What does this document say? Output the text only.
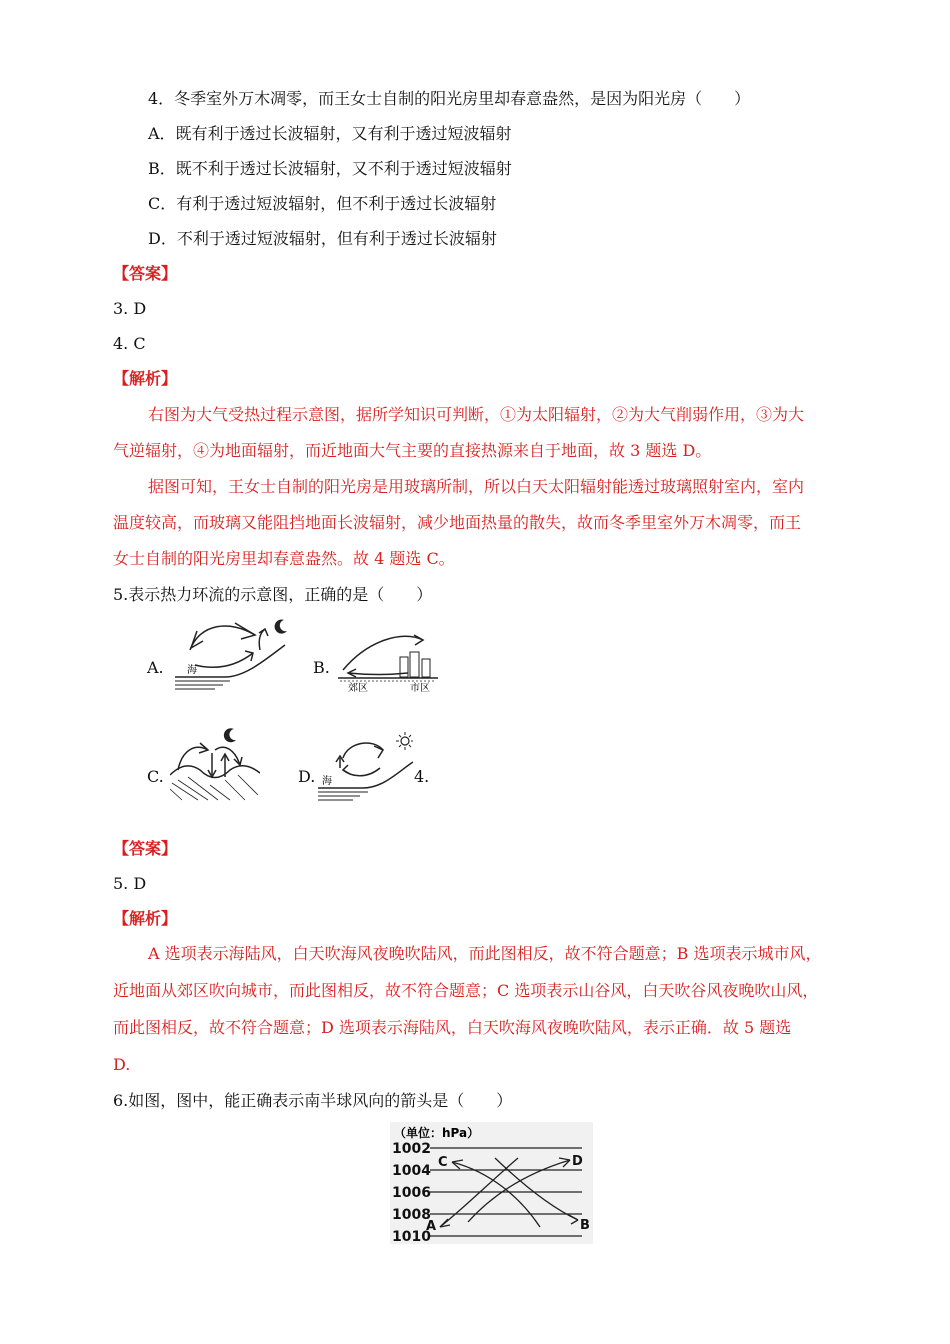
4．冬季室外万木凋零，而王女士自制的阳光房里却春意盎然，是因为阳光房（　　）
A．既有利于透过长波辐射，又有利于透过短波辐射
B．既不利于透过长波辐射，又不利于透过短波辐射
C．有利于透过短波辐射，但不利于透过长波辐射
D．不利于透过短波辐射，但有利于透过长波辐射
【答案】
3. D
4. C
【解析】
右图为大气受热过程示意图，据所学知识可判断，①为太阳辐射，②为大气削弱作用，③为大
气逆辐射，④为地面辐射，而近地面大气主要的直接热源来自于地面，故 3 题选 D。
据图可知，王女士自制的阳光房是用玻璃所制，所以白天太阳辐射能透过玻璃照射室内，室内
温度较高，而玻璃又能阻挡地面长波辐射，减少地面热量的散失，故而冬季里室外万木凋零，而王
女士自制的阳光房里却春意盎然。故 4 题选 C。
5.表示热力环流的示意图，正确的是（　　）
A. 海	B.
郊区	市区
C.	D. 海	4.
【答案】
5. D
【解析】
A 选项表示海陆风，白天吹海风夜晚吹陆风，而此图相反，故不符合题意；B 选项表示城市风，
近地面从郊区吹向城市，而此图相反，故不符合题意；C 选项表示山谷风，白天吹谷风夜晚吹山风，
而此图相反，故不符合题意；D 选项表示海陆风，白天吹海风夜晚吹陆风，表示正确．故 5 题选
D.
6.如图，图中，能正确表示南半球风向的箭头是（　　）
（单位：hPa）
1002
1004
1006
1008
1010
A	B
C	D
